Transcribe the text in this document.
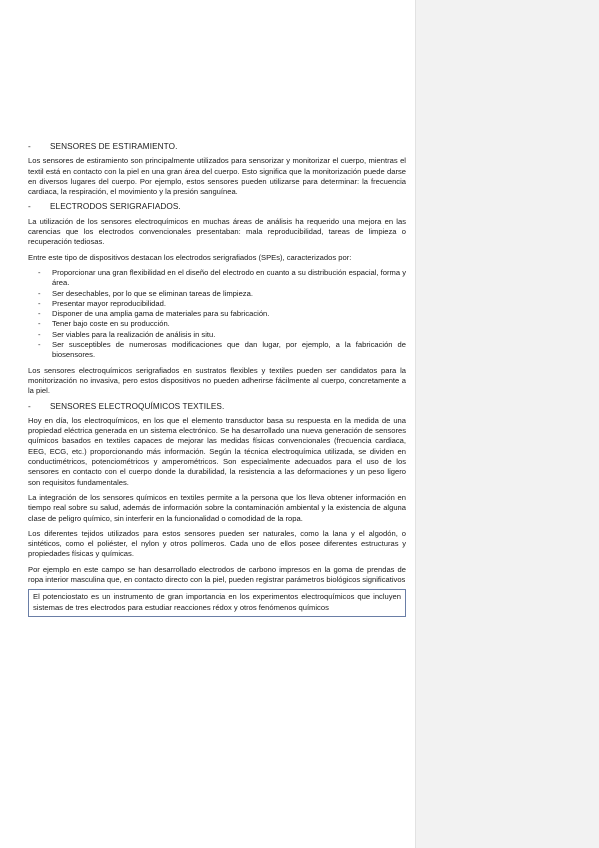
- SENSORES DE ESTIRAMIENTO.

Los sensores de estiramiento son principalmente utilizados para sensorizar y monitorizar el cuerpo, mientras el textil está en contacto con la piel en una gran área del cuerpo. Esto significa que la monitorización puede darse en diversos lugares del cuerpo. Por ejemplo, estos sensores pueden utilizarse para determinar: la frecuencia cardiaca, la respiración, el movimiento y la presión sanguínea.

- ELECTRODOS SERIGRAFIADOS.

La utilización de los sensores electroquímicos en muchas áreas de análisis ha requerido una mejora en las carencias que los electrodos convencionales presentaban: mala reproducibilidad, tareas de limpieza o recuperación tediosas.

Entre este tipo de dispositivos destacan los electrodos serigrafiados (SPEs), caracterizados por:

- Proporcionar una gran flexibilidad en el diseño del electrodo en cuanto a su distribución espacial, forma y área.
- Ser desechables, por lo que se eliminan tareas de limpieza.
- Presentar mayor reproducibilidad.
- Disponer de una amplia gama de materiales para su fabricación.
- Tener bajo coste en su producción.
- Ser viables para la realización de análisis in situ.
- Ser susceptibles de numerosas modificaciones que dan lugar, por ejemplo, a la fabricación de biosensores.

Los sensores electroquímicos serigrafiados en sustratos flexibles y textiles pueden ser candidatos para la monitorización no invasiva, pero estos dispositivos no pueden adherirse fácilmente al cuerpo, concretamente a la piel.

- SENSORES ELECTROQUÍMICOS TEXTILES.

Hoy en día, los electroquímicos, en los que el elemento transductor basa su respuesta en la medida de una propiedad eléctrica generada en un sistema electrónico. Se ha desarrollado una nueva generación de sensores químicos basados en textiles capaces de mejorar las medidas físicas convencionales (frecuencia cardiaca, EEG, ECG, etc.) proporcionando más información. Según la técnica electroquímica utilizada, se dividen en conductimétricos, potenciométricos y amperométricos. Son especialmente adecuados para el uso de los sensores en contacto con el cuerpo donde la durabilidad, la resistencia a las deformaciones y un peso ligero son requisitos fundamentales.

La integración de los sensores químicos en textiles permite a la persona que los lleva obtener información en tiempo real sobre su salud, además de información sobre la contaminación ambiental y la existencia de alguna clase de peligro químico, sin interferir en la funcionalidad o comodidad de la ropa.

Los diferentes tejidos utilizados para estos sensores pueden ser naturales, como la lana y el algodón, o sintéticos, como el poliéster, el nylon y otros polímeros. Cada uno de ellos posee diferentes estructuras y propiedades físicas y químicas.

Por ejemplo en este campo se han desarrollado electrodos de carbono impresos en la goma de prendas de ropa interior masculina que, en contacto directo con la piel, pueden registrar parámetros biológicos significativos

El potenciostato es un instrumento de gran importancia en los experimentos electroquímicos que incluyen sistemas de tres electrodos para estudiar reacciones rédox y otros fenómenos químicos
